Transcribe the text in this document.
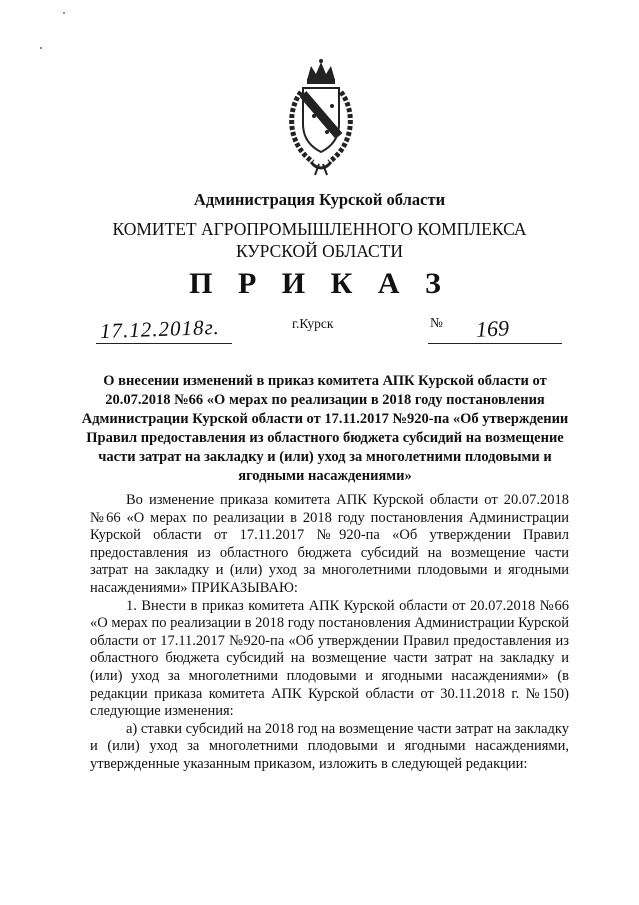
Администрация Курской области
КОМИТЕТ АГРОПРОМЫШЛЕННОГО КОМПЛЕКСА
КУРСКОЙ ОБЛАСТИ
П Р И К А З
17.12.2018г.	г.Курск	№ 169
О внесении изменений в приказ комитета АПК Курской области от 20.07.2018 №66 «О мерах по реализации в 2018 году постановления Администрации Курской области от 17.11.2017 №920-па «Об утверждении Правил предоставления из областного бюджета субсидий на возмещение части затрат на закладку и (или) уход за многолетними плодовыми и ягодными насаждениями»

Во изменение приказа комитета АПК Курской области от 20.07.2018 №66 «О мерах по реализации в 2018 году постановления Администрации Курской области от 17.11.2017 №920-па «Об утверждении Правил предоставления из областного бюджета субсидий на возмещение части затрат на закладку и (или) уход за многолетними плодовыми и ягодными насаждениями» ПРИКАЗЫВАЮ:

1. Внести в приказ комитета АПК Курской области от 20.07.2018 №66 «О мерах по реализации в 2018 году постановления Администрации Курской области от 17.11.2017 №920-па «Об утверждении Правил предоставления из областного бюджета субсидий на возмещение части затрат на закладку и (или) уход за многолетними плодовыми и ягодными насаждениями» (в редакции приказа комитета АПК Курской области от 30.11.2018 г. №150) следующие изменения:

а) ставки субсидий на 2018 год на возмещение части затрат на закладку и (или) уход за многолетними плодовыми и ягодными насаждениями, утвержденные указанным приказом, изложить в следующей редакции:
